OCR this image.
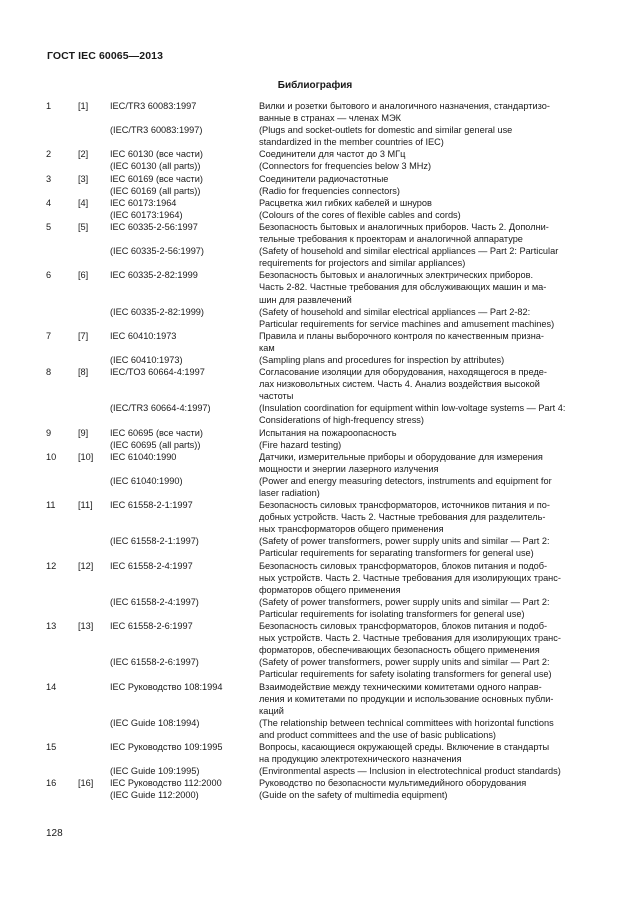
ГОСТ IEC 60065—2013
Библиография
1	[1] IEC/TR3 60083:1997	Вилки и розетки бытового и аналогичного назначения, стандартизо-
ванные в странах — членах МЭК
(IEC/TR3 60083:1997)	(Plugs and socket-outlets for domestic and similar general use
standardized in the member countries of IEC)
2	[2] IEC 60130 (все части)	Соединители для частот до 3 МГц
(IEC 60130 (all parts))	(Connectors for frequencies below 3 MHz)
3	[3] IEC 60169 (все части)	Соединители радиочастотные
(IEC 60169 (all parts))	(Radio for frequencies connectors)
4	[4] IEC 60173:1964	Расцветка жил гибких кабелей и шнуров
(IEC 60173:1964)	(Colours of the cores of flexible cables and cords)
5	[5] IEC 60335-2-56:1997	Безопасность бытовых и аналогичных приборов. Часть 2. Дополни-
тельные требования к проекторам и аналогичной аппаратуре
(IEC 60335-2-56:1997)	(Safety of household and similar electrical appliances — Part 2: Particular
requirements for projectors and similar appliances)
6	[6] IEC 60335-2-82:1999	Безопасность бытовых и аналогичных электрических приборов.
Часть 2-82. Частные требования для обслуживающих машин и ма-
шин для развлечений
(IEC 60335-2-82:1999)	(Safety of household and similar electrical appliances — Part 2-82:
Particular requirements for service machines and amusement machines)
7	[7] IEC 60410:1973	Правила и планы выборочного контроля по качественным призна-
кам
(IEC 60410:1973)	(Sampling plans and procedures for inspection by attributes)
8	[8] IEC/TO3 60664-4:1997	Согласование изоляции для оборудования, находящегося в преде-
лах низковольтных систем. Часть 4. Анализ воздействия высокой
частоты
(IEC/TR3 60664-4:1997)	(Insulation coordination for equipment within low-voltage systems — Part 4:
Considerations of high-frequency stress)
9	[9] IEC 60695 (все части)	Испытания на пожароопасность
(IEC 60695 (all parts))	(Fire hazard testing)
10 [10] IEC 61040:1990	Датчики, измерительные приборы и оборудование для измерения
мощности и энергии лазерного излучения
(IEC 61040:1990)	(Power and energy measuring detectors, instruments and equipment for
laser radiation)
11 [11] IEC 61558-2-1:1997	Безопасность силовых трансформаторов, источников питания и по-
добных устройств. Часть 2. Частные требования для разделитель-
ных трансформаторов общего применения
(IEC 61558-2-1:1997)	(Safety of power transformers, power supply units and similar — Part 2:
Particular requirements for separating transformers for general use)
12 [12] IEC 61558-2-4:1997	Безопасность силовых трансформаторов, блоков питания и подоб-
ных устройств. Часть 2. Частные требования для изолирующих транс-
форматоров общего применения
(IEC 61558-2-4:1997)	(Safety of power transformers, power supply units and similar — Part 2:
Particular requirements for isolating transformers for general use)
13 [13] IEC 61558-2-6:1997	Безопасность силовых трансформаторов, блоков питания и подоб-
ных устройств. Часть 2. Частные требования для изолирующих транс-
форматоров, обеспечивающих безопасность общего применения
(IEC 61558-2-6:1997)	(Safety of power transformers, power supply units and similar — Part 2:
Particular requirements for safety isolating transformers for general use)
14	IEC Руководство 108:1994	Взаимодействие между техническими комитетами одного направ-
ления и комитетами по продукции и использование основных публи-
каций
(IEC Guide 108:1994)	(The relationship between technical committees with horizontal functions
and product committees and the use of basic publications)
15	IEC Руководство 109:1995	Вопросы, касающиеся окружающей среды. Включение в стандарты
на продукцию электротехнического назначения
(IEC Guide 109:1995)	(Environmental aspects — Inclusion in electrotechnical product standards)
16 [16] IEC Руководство 112:2000	Руководство по безопасности мультимедийного оборудования
(IEC Guide 112:2000)	(Guide on the safety of multimedia equipment)
128
